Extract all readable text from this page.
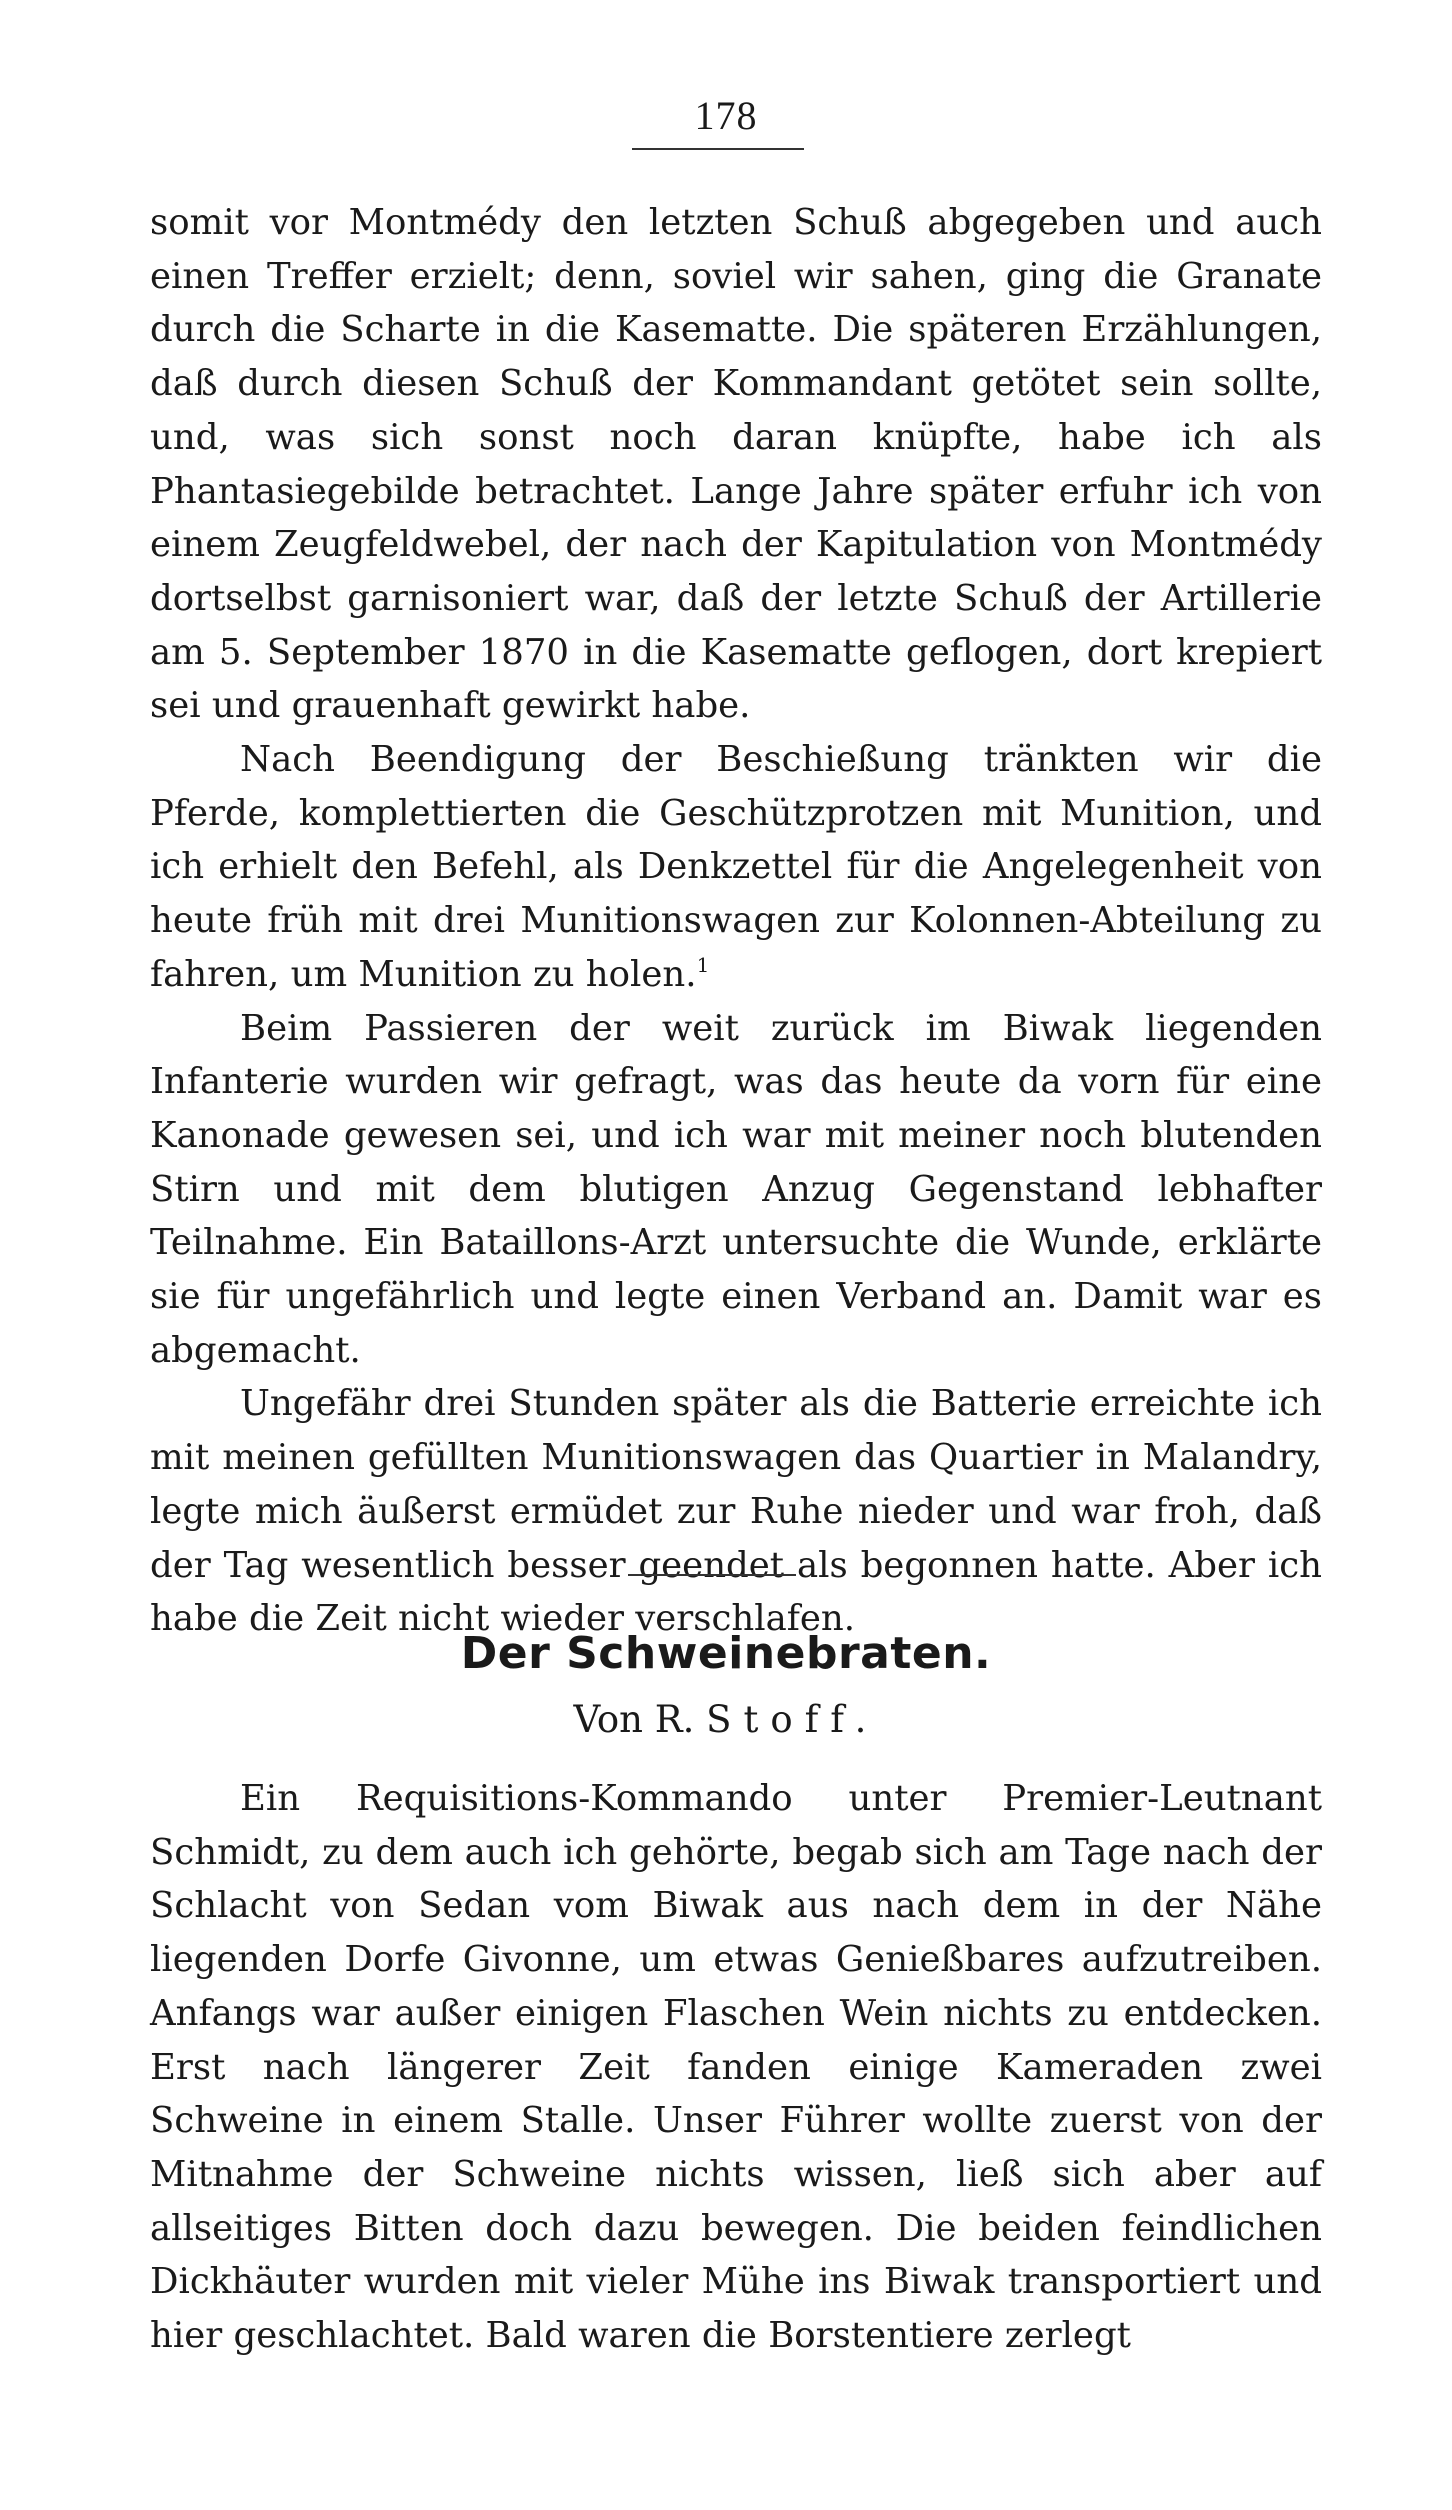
178

somit vor Montmédy den letzten Schuß abgegeben und auch einen Treffer erzielt; denn, soviel wir sahen, ging die Granate durch die Scharte in die Kasematte. Die späteren Erzählungen, daß durch diesen Schuß der Kommandant getötet sein sollte, und, was sich sonst noch daran knüpfte, habe ich als Phantasiegebilde betrachtet. Lange Jahre später erfuhr ich von einem Zeugfeldwebel, der nach der Kapitulation von Montmédy dortselbst garnisoniert war, daß der letzte Schuß der Artillerie am 5. September 1870 in die Kasematte geflogen, dort krepiert sei und grauenhaft gewirkt habe.

Nach Beendigung der Beschießung tränkten wir die Pferde, komplettierten die Geschützprotzen mit Munition, und ich erhielt den Befehl, als Denkzettel für die Angelegenheit von heute früh mit drei Munitionswagen zur Kolonnen-Abteilung zu fahren, um Munition zu holen.$^1$

Beim Passieren der weit zurück im Biwak liegenden Infanterie wurden wir gefragt, was das heute da vorn für eine Kanonade gewesen sei, und ich war mit meiner noch blutenden Stirn und mit dem blutigen Anzug Gegenstand lebhafter Teilnahme. Ein Bataillons-Arzt untersuchte die Wunde, erklärte sie für ungefährlich und legte einen Verband an. Damit war es abgemacht.

Ungefähr drei Stunden später als die Batterie erreichte ich mit meinen gefüllten Munitionswagen das Quartier in Malandry, legte mich äußerst ermüdet zur Ruhe nieder und war froh, daß der Tag wesentlich besser geendet als begonnen hatte. Aber ich habe die Zeit nicht wieder verschlafen.

Der Schweinebraten.
Von R. Stoff.

Ein Requisitions-Kommando unter Premier-Leutnant Schmidt, zu dem auch ich gehörte, begab sich am Tage nach der Schlacht von Sedan vom Biwak aus nach dem in der Nähe liegenden Dorfe Givonne, um etwas Genießbares aufzutreiben. Anfangs war außer einigen Flaschen Wein nichts zu entdecken. Erst nach längerer Zeit fanden einige Kameraden zwei Schweine in einem Stalle. Unser Führer wollte zuerst von der Mitnahme der Schweine nichts wissen, ließ sich aber auf allseitiges Bitten doch dazu bewegen. Die beiden feindlichen Dickhäuter wurden mit vieler Mühe ins Biwak transportiert und hier geschlachtet. Bald waren die Borstentiere zerlegt
